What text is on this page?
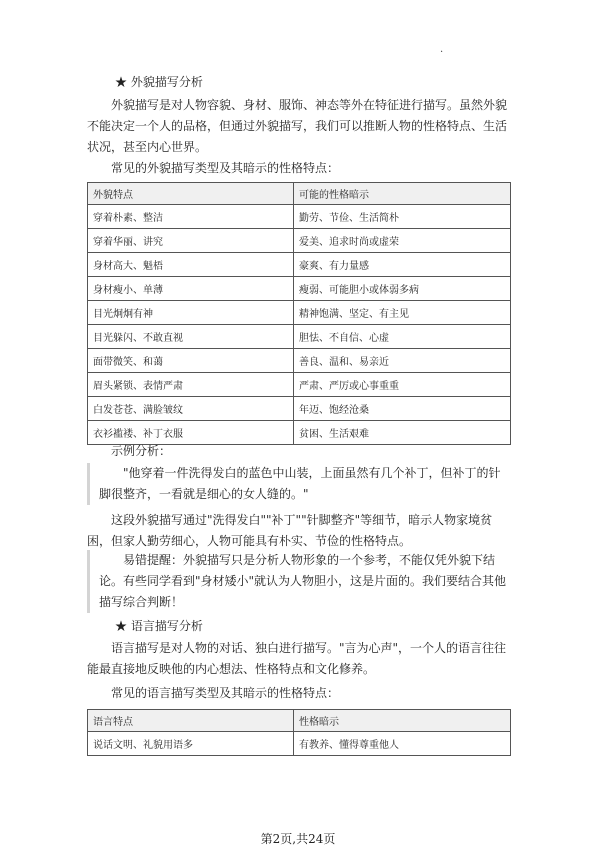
.
★ 外貌描写分析
外貌描写是对人物容貌、身材、服饰、神态等外在特征进行描写。虽然外貌不能决定一个人的品格，但通过外貌描写，我们可以推断人物的性格特点、生活状况，甚至内心世界。
常见的外貌描写类型及其暗示的性格特点：
外貌特点	可能的性格暗示
穿着朴素、整洁	勤劳、节俭、生活简朴
穿着华丽、讲究	爱美、追求时尚或虚荣
身材高大、魁梧	豪爽、有力量感
身材瘦小、单薄	瘦弱、可能胆小或体弱多病
目光炯炯有神	精神饱满、坚定、有主见
目光躲闪、不敢直视	胆怯、不自信、心虚
面带微笑、和蔼	善良、温和、易亲近
眉头紧锁、表情严肃	严肃、严厉或心事重重
白发苍苍、满脸皱纹	年迈、饱经沧桑
衣衫褴褛、补丁衣服	贫困、生活艰难
示例分析：
"他穿着一件洗得发白的蓝色中山装，上面虽然有几个补丁，但补丁的针脚很整齐，一看就是细心的女人缝的。"
这段外貌描写通过"洗得发白""补丁""针脚整齐"等细节，暗示人物家境贫困，但家人勤劳细心，人物可能具有朴实、节俭的性格特点。
易错提醒：外貌描写只是分析人物形象的一个参考，不能仅凭外貌下结论。有些同学看到"身材矮小"就认为人物胆小，这是片面的。我们要结合其他描写综合判断！
★ 语言描写分析
语言描写是对人物的对话、独白进行描写。"言为心声"，一个人的语言往往能最直接地反映他的内心想法、性格特点和文化修养。
常见的语言描写类型及其暗示的性格特点：
语言特点	性格暗示
说话文明、礼貌用语多	有教养、懂得尊重他人
第2页,共24页
